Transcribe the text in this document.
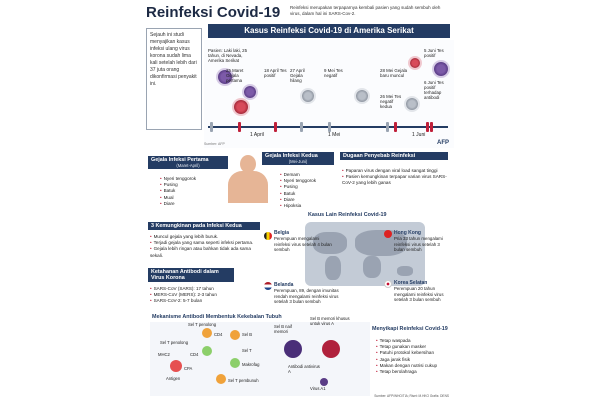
Reinfeksi Covid-19 Reinfeksi merupakan terpaparnya kembali pasien yang sudah sembuh oleh virus, dalam hal ini SARS-Cov-2.
Sejauh ini studi menyajikan kasus infeksi ulang virus korona sudah lima kali setelah lebih dari 37 juta orang dikonfirmasi penyakit ini.
Kasus Reinfeksi Covid-19 di Amerika Serikat
Pasien: Laki laki, 25 tahun, di Nevada, Amerika Serikat
25 Maret Gejala pertama
18 April Tes positif
27 April Gejala hilang
9 Mei Tes negatif
26 Mei Tes negatif kedua
28 Mei Gejala baru muncul
5 Juni Tes positif
6 Juni Tes positif terhadap antibodi
1 April	1 Mei	1 Juni
Sumber: AFP	AFP
Gejala Infeksi Pertama
(Maret-April)
• Nyeri tenggorok
• Pusing
• Batuk
• Mual
• Diare
Gejala Infeksi Kedua
(Mei-Juni)
• Demam
• Nyeri tenggorok
• Pusing
• Batuk
• Diare
• Hipoksia
Dugaan Penyebab Reinfeksi
• Paparan virus dengan viral load sangat tinggi
• Pasien kemungkinan terpapar varian virus SARS-CoV-2 yang lebih ganas
3 Kemungkinan pada Infeksi Kedua
• Muncul gejala yang lebih buruk.
• Terjadi gejala yang sama seperti infeksi pertama.
• Gejala lebih ringan atau bahkan tidak ada sama sekali.
Ketahanan Antibodi dalam Virus Korona
• SARS-CoV (SARS): 17 tahun
• MERS-CoV (MERS): 2-3 tahun
• SARS-CoV-2: 5-7 bulan
Kasus Lain Reinfeksi Covid-19
Belgia
Perempuan mengalami reinfeksi virus setelah 4 bulan sembuh
Hong Kong
Pria 33 tahun mengalami reinfeksi virus setelah 3 bulan sembuh
Belanda
Perempuan, 89, dengan imunitas rendah mengalami reinfeksi virus setelah 3 bulan sembuh
Korea Selatan
Perempuan 20 tahun mengalami reinfeksi virus setelah 3 bulan sembuh
Mekanisme Antibodi Membentuk Kekebalan Tubuh
Sel T penolong
Sel T penolong
CD4
MHC2	CD4
CPA
Antigen
Sel B
Sel T
Makrofag
Sel T pembunuh
Sel B naif memori
Sel B memori khusus untuk virus A
Antibodi antivirus A
Virus A1
Menyikapi Reinfeksi Covid-19
• Tetap waspada
• Tetap gunakan masker
• Patuhi protokol kebersihan
• Jaga jarak fisik
• Makan dengan nutrisi cukup
• Tetap berolahraga
Sumber: AFP/WHO/TIA; Riset: M.HKO Grafis: DENS
